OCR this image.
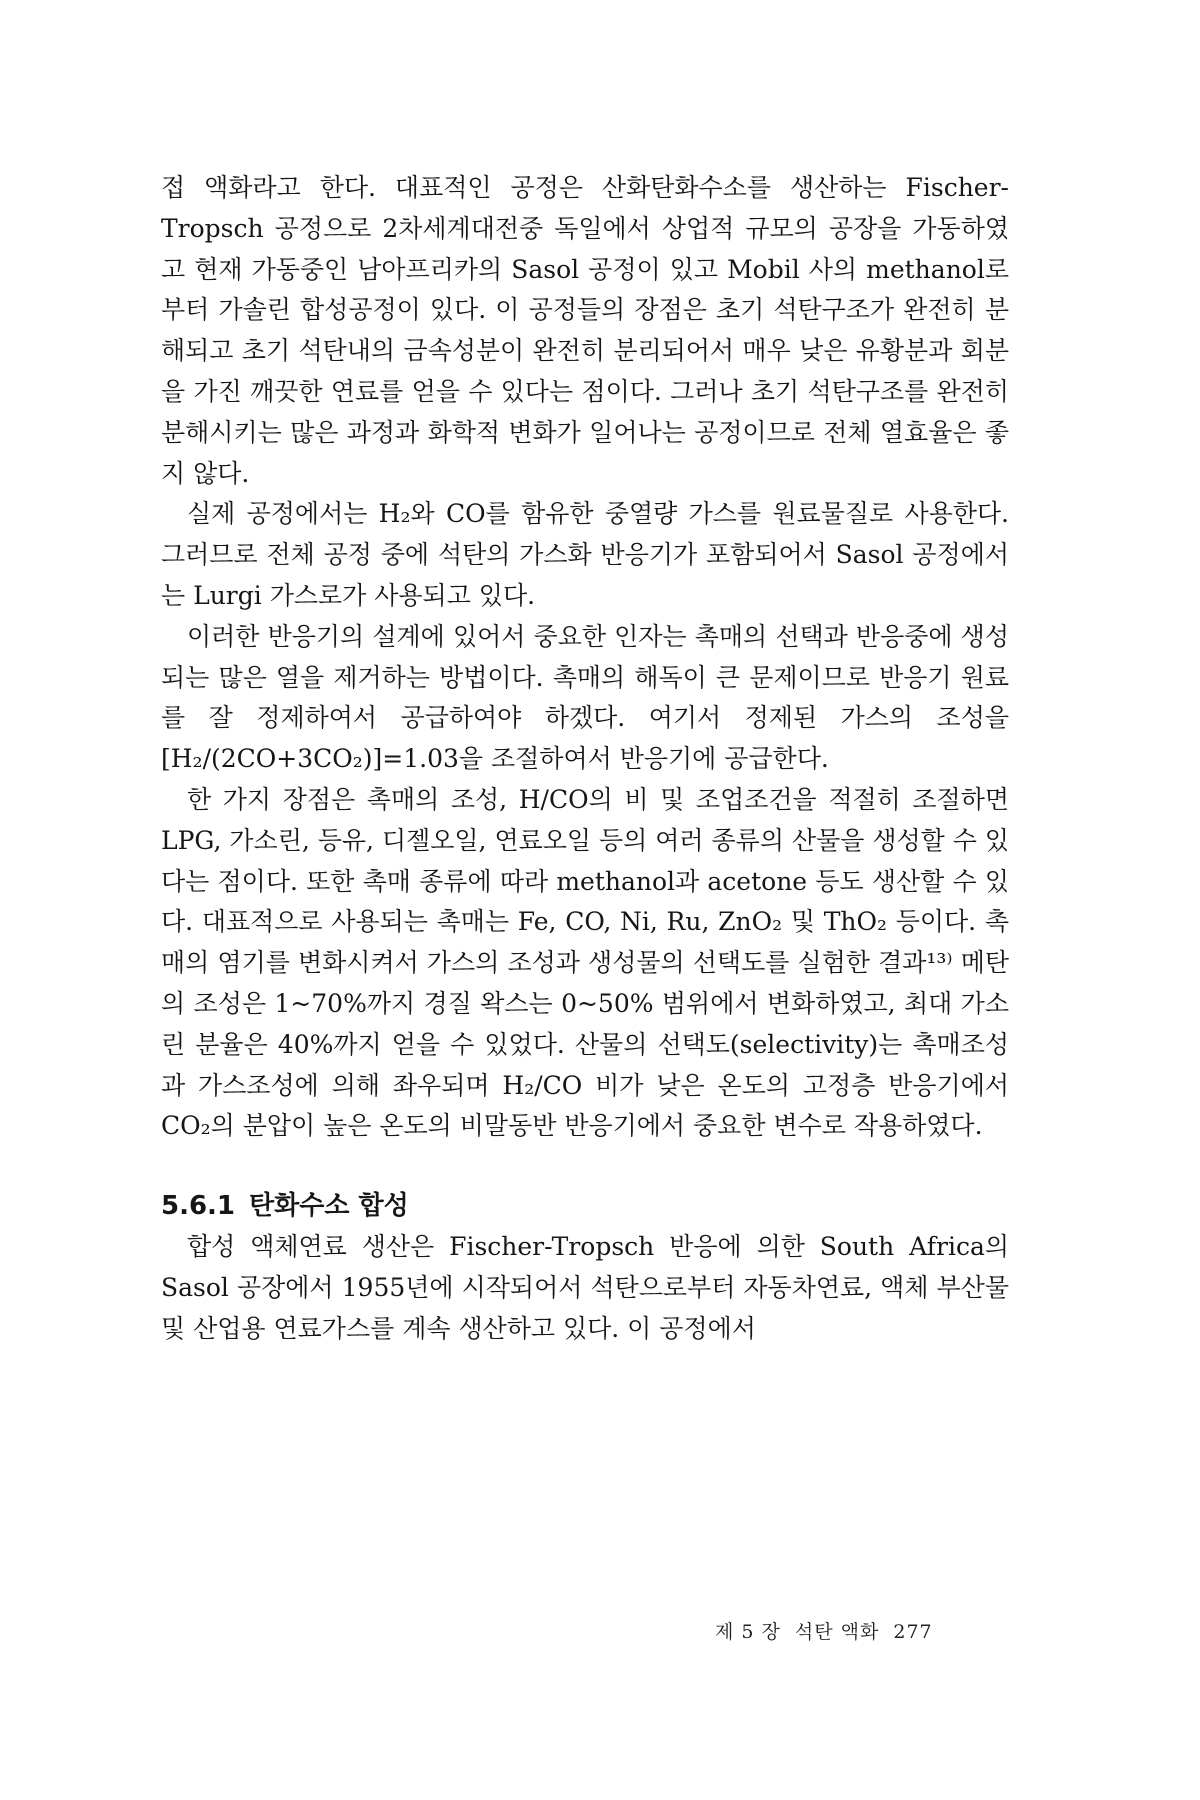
접 액화라고 한다. 대표적인 공정은 산화탄화수소를 생산하는 Fischer-Tropsch 공정으로 2차세계대전중 독일에서 상업적 규모의 공장을 가동하였고 현재 가동중인 남아프리카의 Sasol 공정이 있고 Mobil 사의 methanol로부터 가솔린 합성공정이 있다. 이 공정들의 장점은 초기 석탄구조가 완전히 분해되고 초기 석탄내의 금속성분이 완전히 분리되어서 매우 낮은 유황분과 회분을 가진 깨끗한 연료를 얻을 수 있다는 점이다. 그러나 초기 석탄구조를 완전히 분해시키는 많은 과정과 화학적 변화가 일어나는 공정이므로 전체 열효율은 좋지 않다.

실제 공정에서는 H₂와 CO를 함유한 중열량 가스를 원료물질로 사용한다. 그러므로 전체 공정 중에 석탄의 가스화 반응기가 포함되어서 Sasol 공정에서는 Lurgi 가스로가 사용되고 있다.

이러한 반응기의 설계에 있어서 중요한 인자는 촉매의 선택과 반응중에 생성되는 많은 열을 제거하는 방법이다. 촉매의 해독이 큰 문제이므로 반응기 원료를 잘 정제하여서 공급하여야 하겠다. 여기서 정제된 가스의 조성을 [H₂/(2CO+3CO₂)]=1.03을 조절하여서 반응기에 공급한다.

한 가지 장점은 촉매의 조성, H/CO의 비 및 조업조건을 적절히 조절하면 LPG, 가소린, 등유, 디젤오일, 연료오일 등의 여러 종류의 산물을 생성할 수 있다는 점이다. 또한 촉매 종류에 따라 methanol과 acetone 등도 생산할 수 있다. 대표적으로 사용되는 촉매는 Fe, CO, Ni, Ru, ZnO₂ 및 ThO₂ 등이다. 촉매의 염기를 변화시켜서 가스의 조성과 생성물의 선택도를 실험한 결과¹³⁾ 메탄의 조성은 1~70%까지 경질 왁스는 0~50% 범위에서 변화하였고, 최대 가소린 분율은 40%까지 얻을 수 있었다. 산물의 선택도(selectivity)는 촉매조성과 가스조성에 의해 좌우되며 H₂/CO 비가 낮은 온도의 고정층 반응기에서 CO₂의 분압이 높은 온도의 비말동반 반응기에서 중요한 변수로 작용하였다.

5.6.1 탄화수소 합성

합성 액체연료 생산은 Fischer-Tropsch 반응에 의한 South Africa의 Sasol 공장에서 1955년에 시작되어서 석탄으로부터 자동차연료, 액체 부산물 및 산업용 연료가스를 계속 생산하고 있다. 이 공정에서

제 5 장 석탄 액화 277
